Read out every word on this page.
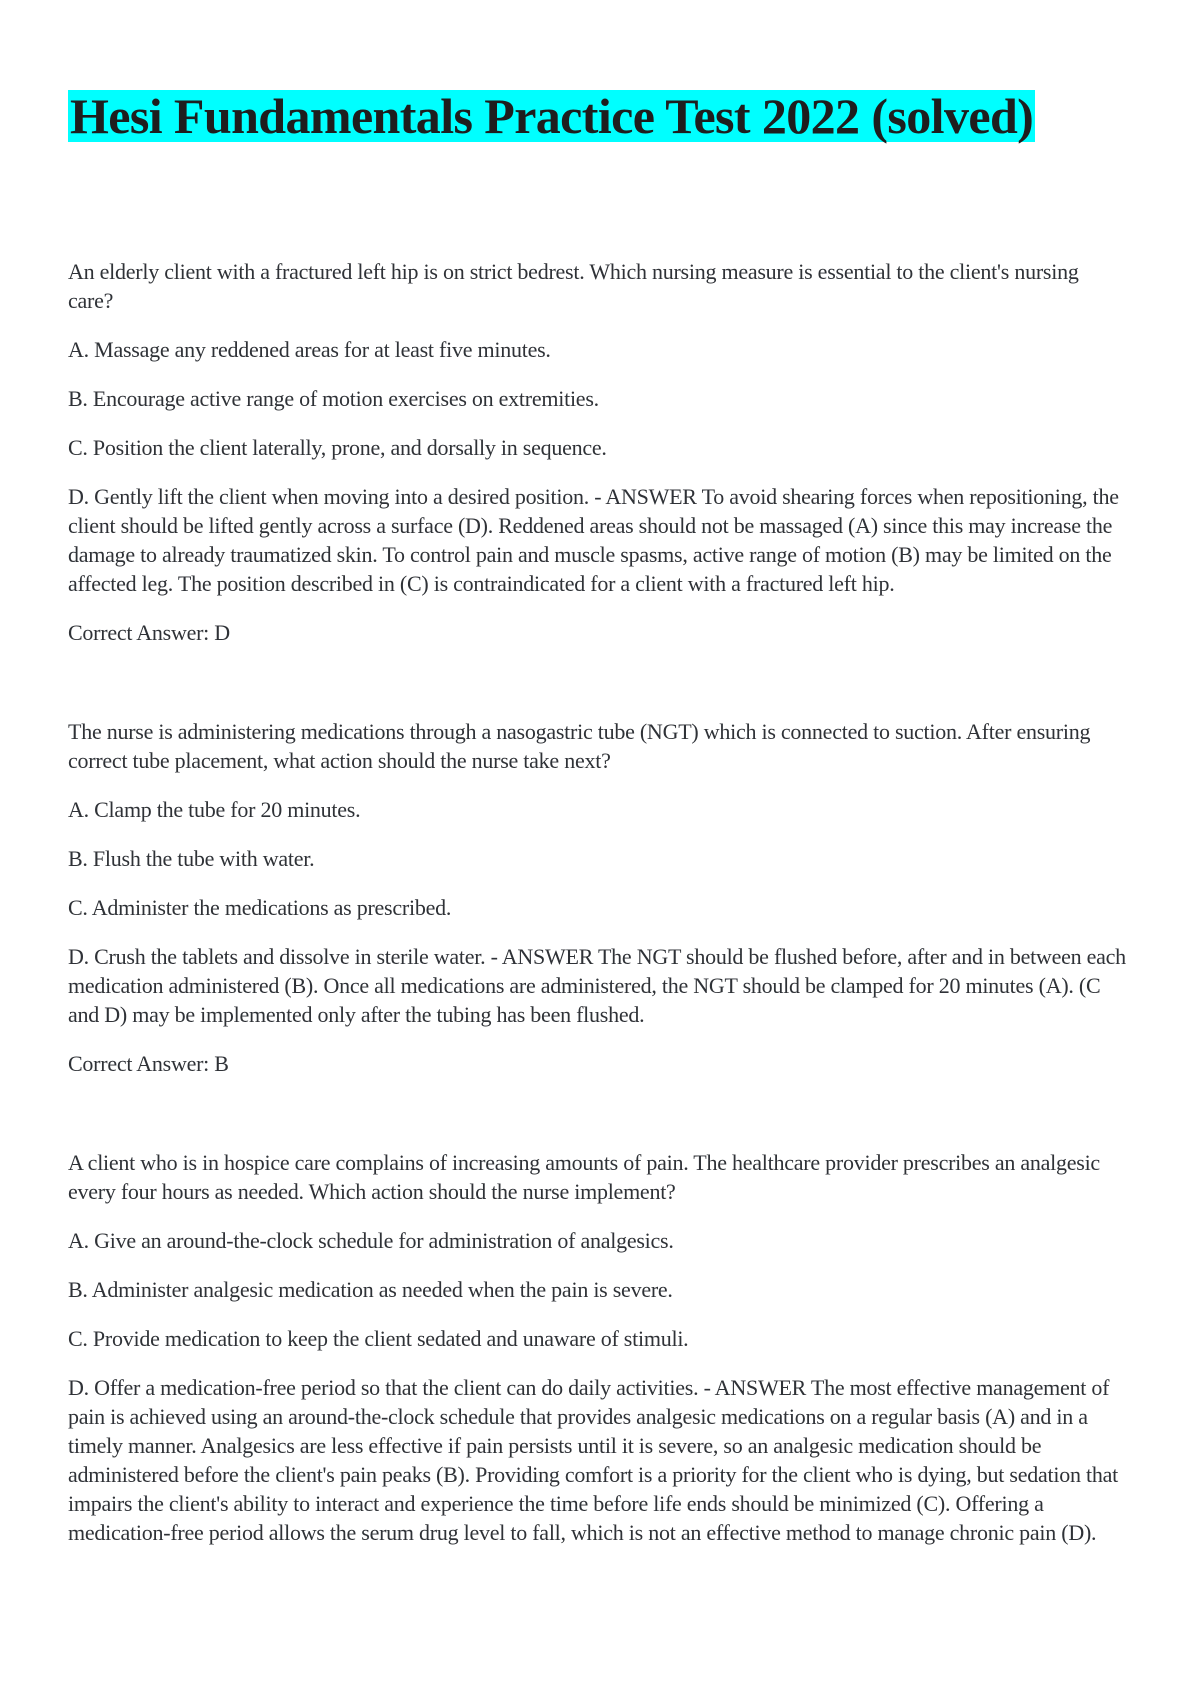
Hesi Fundamentals Practice Test 2022 (solved)

An elderly client with a fractured left hip is on strict bedrest. Which nursing measure is essential to the client's nursing care?

A. Massage any reddened areas for at least five minutes.

B. Encourage active range of motion exercises on extremities.

C. Position the client laterally, prone, and dorsally in sequence.

D. Gently lift the client when moving into a desired position. - ANSWER To avoid shearing forces when repositioning, the client should be lifted gently across a surface (D). Reddened areas should not be massaged (A) since this may increase the damage to already traumatized skin. To control pain and muscle spasms, active range of motion (B) may be limited on the affected leg. The position described in (C) is contraindicated for a client with a fractured left hip.

Correct Answer: D

The nurse is administering medications through a nasogastric tube (NGT) which is connected to suction. After ensuring correct tube placement, what action should the nurse take next?

A. Clamp the tube for 20 minutes.

B. Flush the tube with water.

C. Administer the medications as prescribed.

D. Crush the tablets and dissolve in sterile water. - ANSWER The NGT should be flushed before, after and in between each medication administered (B). Once all medications are administered, the NGT should be clamped for 20 minutes (A). (C and D) may be implemented only after the tubing has been flushed.

Correct Answer: B

A client who is in hospice care complains of increasing amounts of pain. The healthcare provider prescribes an analgesic every four hours as needed. Which action should the nurse implement?

A. Give an around-the-clock schedule for administration of analgesics.

B. Administer analgesic medication as needed when the pain is severe.

C. Provide medication to keep the client sedated and unaware of stimuli.

D. Offer a medication-free period so that the client can do daily activities. - ANSWER The most effective management of pain is achieved using an around-the-clock schedule that provides analgesic medications on a regular basis (A) and in a timely manner. Analgesics are less effective if pain persists until it is severe, so an analgesic medication should be administered before the client's pain peaks (B). Providing comfort is a priority for the client who is dying, but sedation that impairs the client's ability to interact and experience the time before life ends should be minimized (C). Offering a medication-free period allows the serum drug level to fall, which is not an effective method to manage chronic pain (D).
